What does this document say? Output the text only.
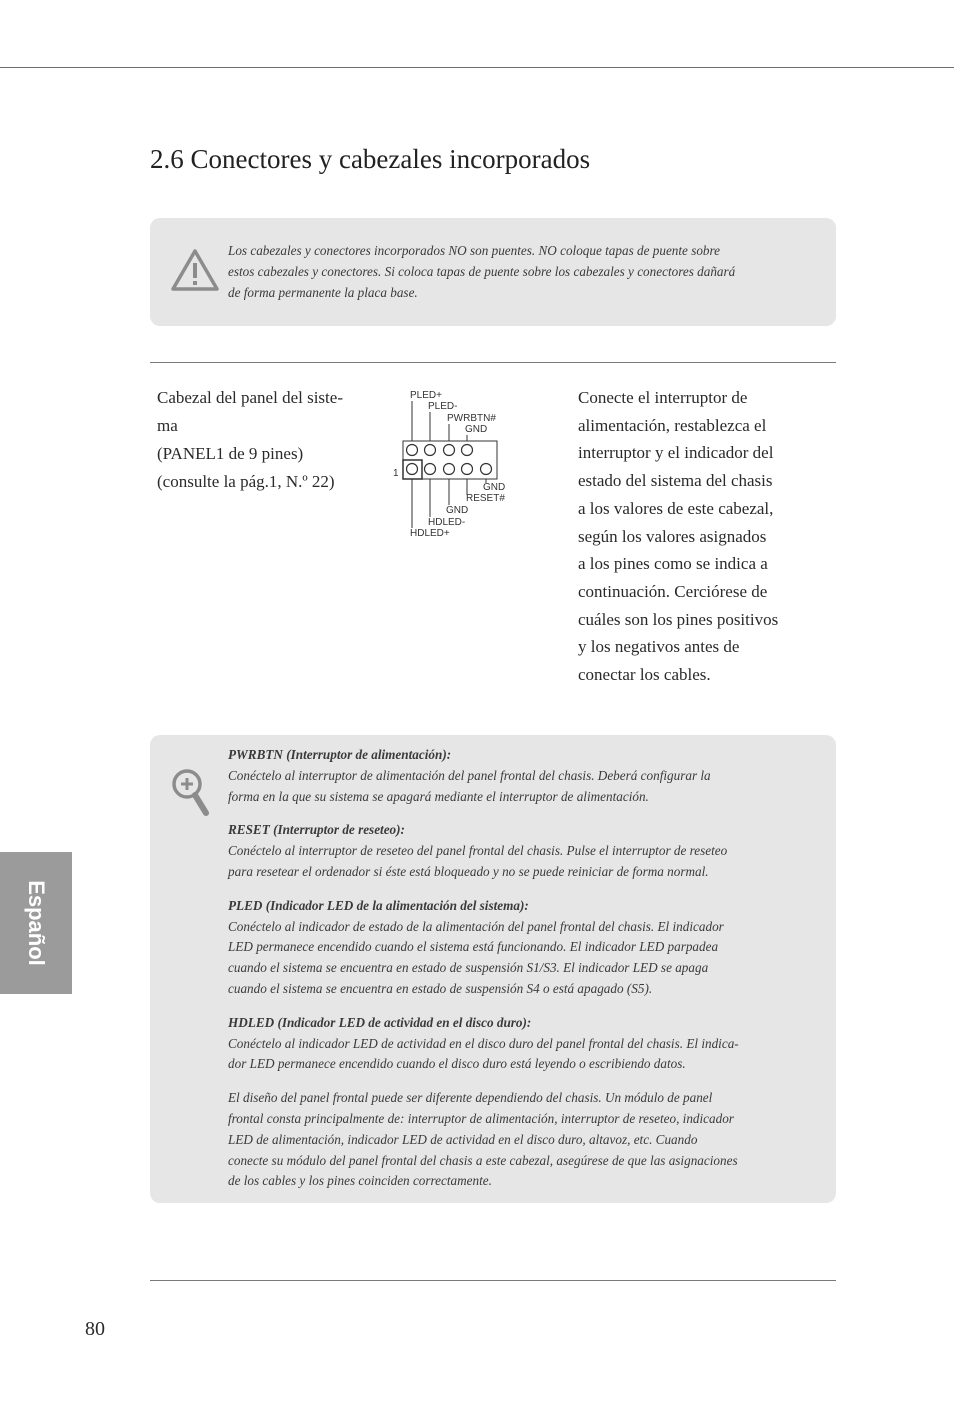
2.6 Conectores y cabezales incorporados
Los cabezales y conectores incorporados NO son puentes. NO coloque tapas de puente sobre
estos cabezales y conectores. Si coloca tapas de puente sobre los cabezales y conectores dañará
de forma permanente la placa base.
Cabezal del panel del siste-
ma
(PANEL1 de 9 pines)
(consulte la pág.1, N.º 22)
PLED+
PLED-
PWRBTN#
GND
1
GND
RESET#
GND
HDLED-
HDLED+
Conecte el interruptor de
alimentación, restablezca el
interruptor y el indicador del
estado del sistema del chasis
a los valores de este cabezal,
según los valores asignados
a los pines como se indica a
continuación. Cerciórese de
cuáles son los pines positivos
y los negativos antes de
conectar los cables.
PWRBTN (Interruptor de alimentación):
Conéctelo al interruptor de alimentación del panel frontal del chasis. Deberá configurar la
forma en la que su sistema se apagará mediante el interruptor de alimentación.
RESET (Interruptor de reseteo):
Conéctelo al interruptor de reseteo del panel frontal del chasis. Pulse el interruptor de reseteo
para resetear el ordenador si éste está bloqueado y no se puede reiniciar de forma normal.
PLED (Indicador LED de la alimentación del sistema):
Conéctelo al indicador de estado de la alimentación del panel frontal del chasis. El indicador
LED permanece encendido cuando el sistema está funcionando. El indicador LED parpadea
cuando el sistema se encuentra en estado de suspensión S1/S3. El indicador LED se apaga
cuando el sistema se encuentra en estado de suspensión S4 o está apagado (S5).
HDLED (Indicador LED de actividad en el disco duro):
Conéctelo al indicador LED de actividad en el disco duro del panel frontal del chasis. El indica-
dor LED permanece encendido cuando el disco duro está leyendo o escribiendo datos.
El diseño del panel frontal puede ser diferente dependiendo del chasis. Un módulo de panel
frontal consta principalmente de: interruptor de alimentación, interruptor de reseteo, indicador
LED de alimentación, indicador LED de actividad en el disco duro, altavoz, etc. Cuando
conecte su módulo del panel frontal del chasis a este cabezal, asegúrese de que las asignaciones
de los cables y los pines coinciden correctamente.
Español
80
